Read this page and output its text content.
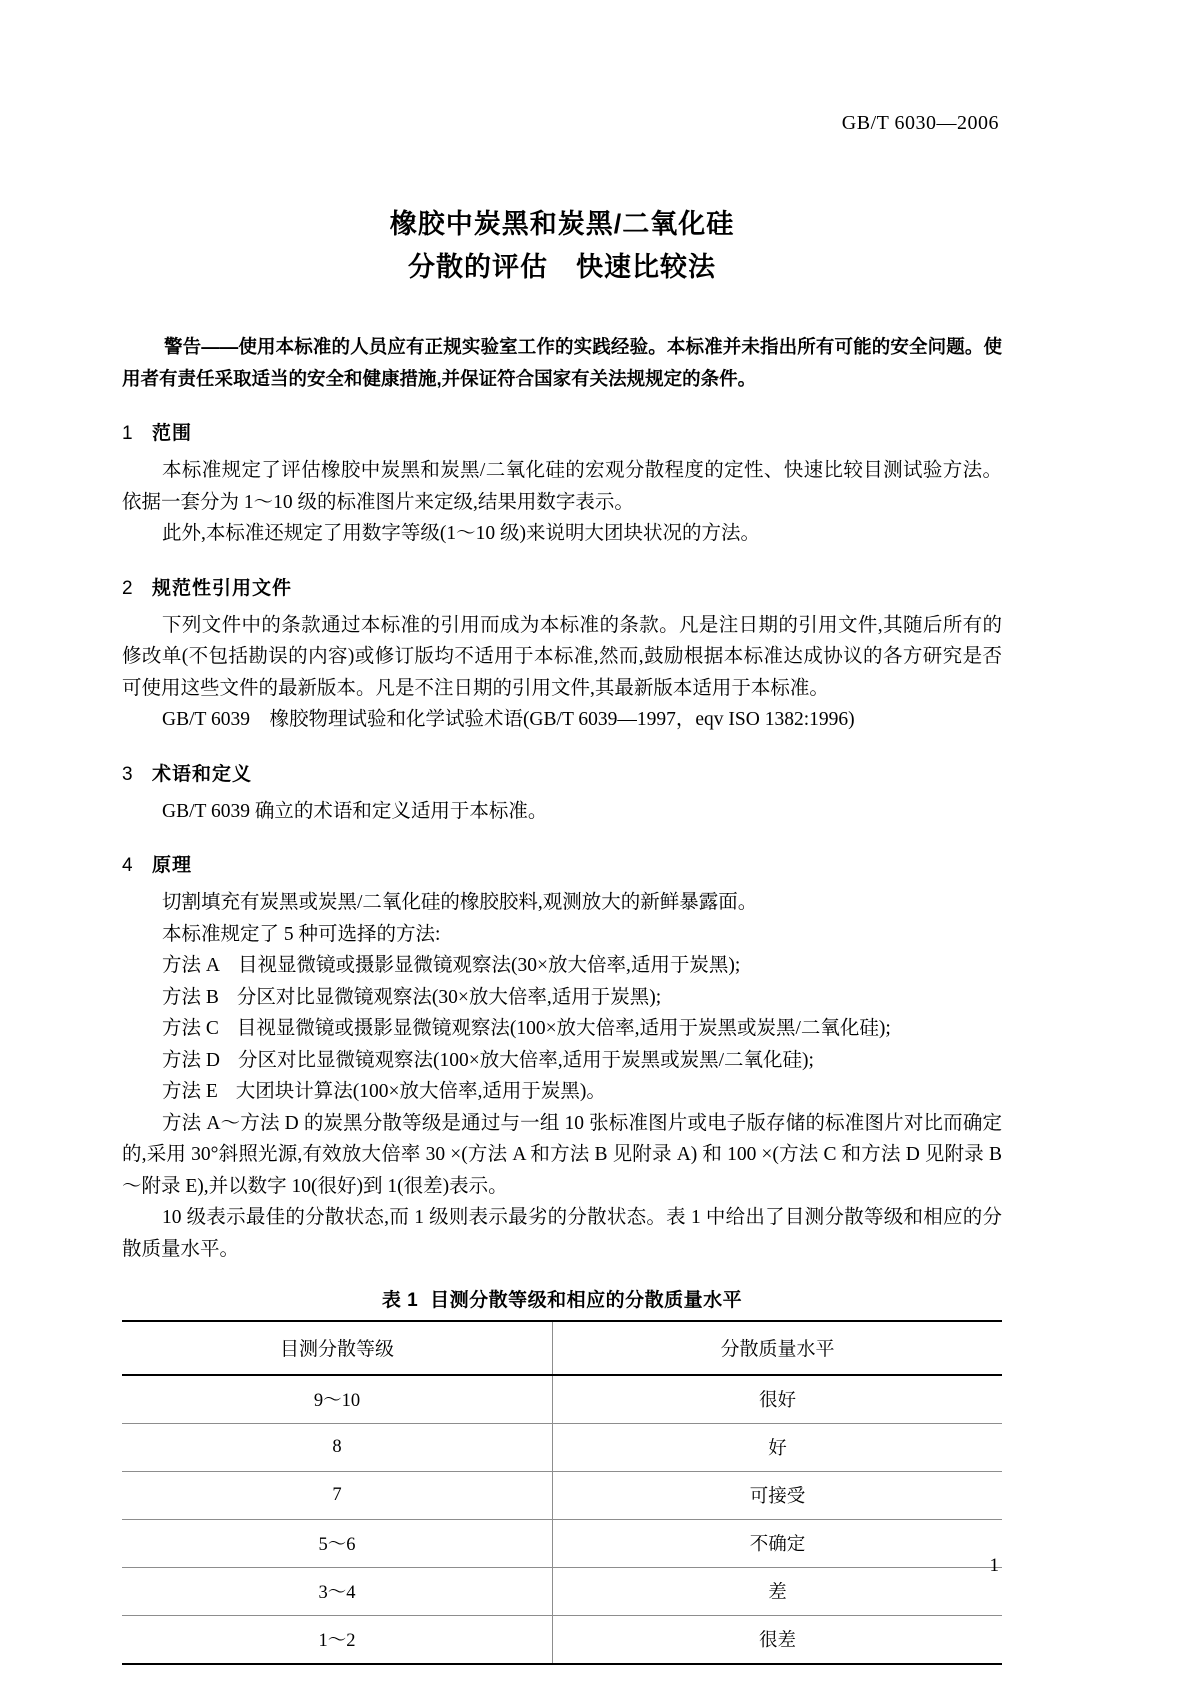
GB/T 6030—2006
橡胶中炭黑和炭黑/二氧化硅
分散的评估　快速比较法
警告——使用本标准的人员应有正规实验室工作的实践经验。本标准并未指出所有可能的安全问题。使用者有责任采取适当的安全和健康措施,并保证符合国家有关法规规定的条件。
1 范围

本标准规定了评估橡胶中炭黑和炭黑/二氧化硅的宏观分散程度的定性、快速比较目测试验方法。依据一套分为 1～10 级的标准图片来定级,结果用数字表示。

此外,本标准还规定了用数字等级(1～10 级)来说明大团块状况的方法。

2 规范性引用文件

下列文件中的条款通过本标准的引用而成为本标准的条款。凡是注日期的引用文件,其随后所有的修改单(不包括勘误的内容)或修订版均不适用于本标准,然而,鼓励根据本标准达成协议的各方研究是否可使用这些文件的最新版本。凡是不注日期的引用文件,其最新版本适用于本标准。

GB/T 6039　橡胶物理试验和化学试验术语(GB/T 6039—1997，eqv ISO 1382:1996)

3 术语和定义

GB/T 6039 确立的术语和定义适用于本标准。

4 原理

切割填充有炭黑或炭黑/二氧化硅的橡胶胶料,观测放大的新鲜暴露面。

本标准规定了 5 种可选择的方法:

方法 A 目视显微镜或摄影显微镜观察法(30×放大倍率,适用于炭黑);

方法 B 分区对比显微镜观察法(30×放大倍率,适用于炭黑);

方法 C 目视显微镜或摄影显微镜观察法(100×放大倍率,适用于炭黑或炭黑/二氧化硅);

方法 D 分区对比显微镜观察法(100×放大倍率,适用于炭黑或炭黑/二氧化硅);

方法 E 大团块计算法(100×放大倍率,适用于炭黑)。

方法 A～方法 D 的炭黑分散等级是通过与一组 10 张标准图片或电子版存储的标准图片对比而确定的,采用 30°斜照光源,有效放大倍率 30 ×(方法 A 和方法 B 见附录 A) 和 100 ×(方法 C 和方法 D 见附录 B～附录 E),并以数字 10(很好)到 1(很差)表示。

10 级表示最佳的分散状态,而 1 级则表示最劣的分散状态。表 1 中给出了目测分散等级和相应的分散质量水平。

表 1 目测分散等级和相应的分散质量水平
目测分散等级	分散质量水平
9～10	很好
8	好
7	可接受
5～6	不确定
3～4	差
1～2	很差
1
